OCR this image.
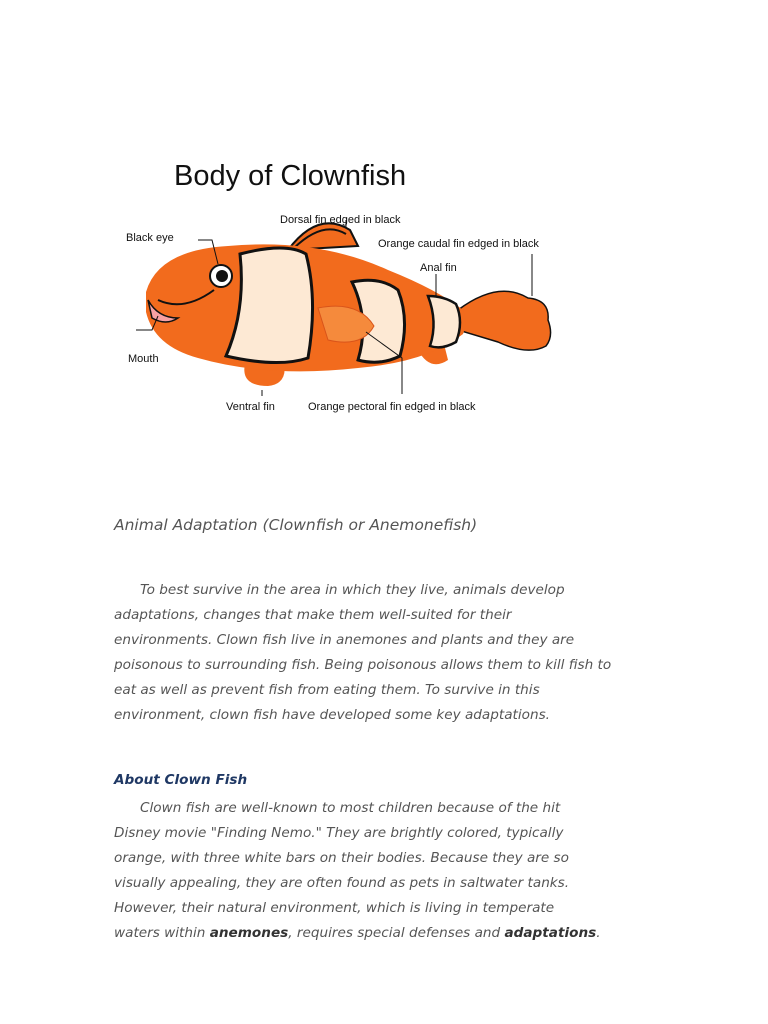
Body of Clownfish
Dorsal fin edged in black
Black eye	Orange caudal fin edged in black
Anal fin
Mouth
Ventral fin	Orange pectoral fin edged in black
Animal Adaptation (Clownfish or Anemonefish)

To best survive in the area in which they live, animals develop
adaptations, changes that make them well-suited for their
environments. Clown fish live in anemones and plants and they are
poisonous to surrounding fish. Being poisonous allows them to kill fish to
eat as well as prevent fish from eating them. To survive in this
environment, clown fish have developed some key adaptations.

About Clown Fish

Clown fish are well-known to most children because of the hit
Disney movie "Finding Nemo." They are brightly colored, typically
orange, with three white bars on their bodies. Because they are so
visually appealing, they are often found as pets in saltwater tanks.
However, their natural environment, which is living in temperate
waters within anemones, requires special defenses and adaptations.
